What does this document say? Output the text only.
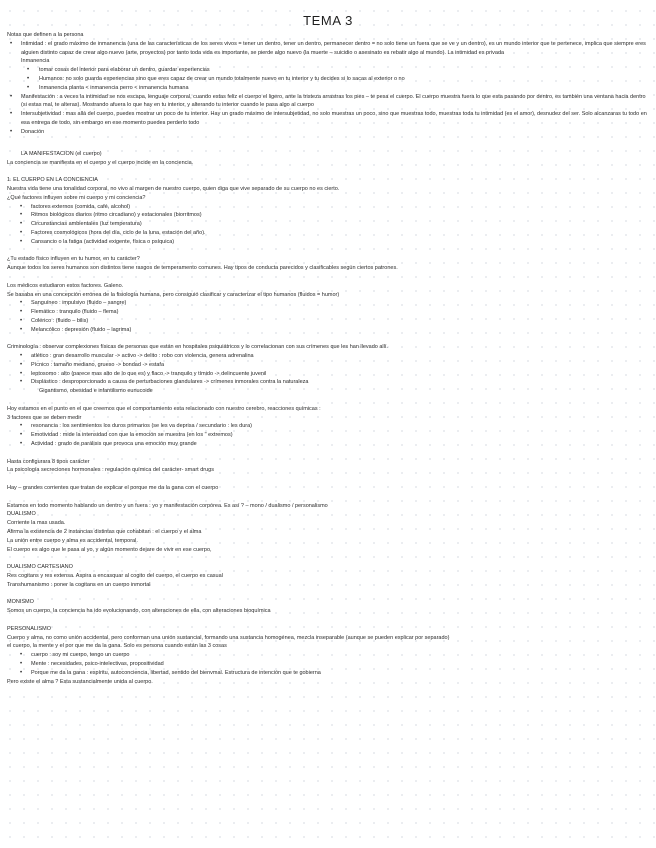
TEMA 3

Notas que definen a la persona

• Intimidad : el grado máximo de inmanencia (una de las características de los seres vivos = tener un dentro, tener un dentro, permanecer dentro = no solo tiene un fuera que se ve y un dentro), es un mundo interior que te pertenece, implica que siempre eres alguien distinto capaz de crear algo nuevo (arte, proyectos) por tanto toda vida es importante, se pierde algo nuevo (la muerte – suicidio o asesinato es rebatir algo al mundo). La intimidad es privada

Inmanencia

• tomar cosas del interior para elaborar un dentro, guardar experiencias
• Humanos: no solo guarda experiencias sino que eres capaz de crear un mundo totalmente nuevo en tu interior y tu decides si lo sacas al exterior o no
• Inmanencia planta < inmanencia perro < inmanencia humana
• Manifestación : a veces la intimidad se nos escapa, lenguaje corporal, cuando estas feliz el cuerpo el ligero, ante la tristeza arrastras los pies – te pesa el cuerpo. El cuerpo muestra fuera lo que esta pasando por dentro, es también una ventana hacia dentro (si estas mal, te alteras). Mostrando afuera lo que hay en tu interior, y alterando tu interior cuando le pasa algo al cuerpo
• Intersubjetividad : mas allá del cuerpo, puedes mostrar un poco de tu interior. Hay un grado máximo de intersubjetidad, no solo muestras un poco, sino que muestras todo, muestras toda tu intimidad (es el amor), desnudez del ser. Solo alcanzaras tu todo en esa entrega de todo, sin embargo en ese momento puedes perderlo todo
• Donación

LA MANIFESTACION (el cuerpo)

La conciencia se manifiesta en el cuerpo y el cuerpo incide en la conciencia.

1. EL CUERPO EN LA CONCIENCIA

Nuestra vida tiene una tonalidad corporal, no vivo al margen de nuestro cuerpo, quien diga que vive separado de su cuerpo no es cierto.

¿Qué factores influyen sobre mi cuerpo y mi conciencia?

• factores externos (comida, café, alcohol)
• Ritmos biológicos diarios (ritmo circadiano) y estacionales (biorritmos)
• Circunstancias ambientales (luz temperatura)
• Factores cosmológicos (hora del día, ciclo de la luna, estación del año).
• Cansancio o la fatiga (actividad exigente, física o psíquica)

¿Tu estado físico influyen en tu humor, en tu carácter?

Aunque todos los seres humanos son distintos tiene rasgos de temperamento comunes. Hay tipos de conducta parecidos y clasificables según ciertos patrones.

Los médicos estudiaron estos factores. Galeno.

Se basaba en una concepción errónea de la fisiología humana, pero consiguió clasificar y caracterizar el tipo humanos (fluidos = humor)

• Sanguíneo : impulsivo (fluido – sangre)
• Flemático : tranquilo (fluido – flema)
• Colérico : (fluido – bilis)
• Melancólico : depresión (fluido – lagrima)

Criminología : observar complexiones físicas de personas que están en hospitales psiquiátricos y lo correlacionan con sus crímenes que les han llevado allí.

• atlético : gran desarrollo muscular -> activo -> delito : robo con violencia, genera adrenalina
• Pícnico : tamaño mediano, grueso -> bondad -> estafa
• leptosomo : alto (parece mas alto de lo que es) y flaco -> tranquilo y tímido -> delincuente juvenil
• Displástico : desproporcionado a causa de perturbaciones glandulares -> crímenes inmorales contra la naturaleza

Gigantismo, obesidad e infantilismo eunucoide

Hoy estamos en el punto en el que creemos que el comportamiento esta relacionado con nuestro cerebro, reacciones químicas :

3 factores que se deben medir

• resonancia : los sentimientos los duros primarios (se les va deprisa / secundario : les dura)
• Emotividad : mide la intensidad con que la emoción se muestra (en los " extremos)
• Actividad : grado de parálisis que provoca una emoción muy grande

Hasta configurara 8 tipos carácter

La psicología secreciones hormonales : regulación química del carácter- smart drugs

Hay – grandes corrientes que tratan de explicar el porque me da la gana con el cuerpo

Estamos en todo momento hablando un dentro y un fuera : yo y manifestación corpórea. Es así ? – mono / dualismo / personalismo

DUALISMO

Corriente la mas usada.

Afirma la existencia de 2 instancias distintas que cohabitan : el cuerpo y el alma

La unión entre cuerpo y alma es accidental, temporal.

El cuerpo es algo que le pasa al yo, y algún momento dejare de vivir en ese cuerpo,

DUALISMO CARTESIANO

Res cogitans y res extensa. Aspira a encasquar al cogito del cuerpo, el cuerpo es casual

Transhumanismo : poner la cogitans en un cuerpo inmortal

MONISMO

Somos un cuerpo, la conciencia ha ido evolucionando, con alteraciones de ella, con alteraciones bioquímica

PERSONALISMO

Cuerpo y alma, no como unión accidental, pero conforman una unión sustancial, formando una sustancia homogénea, mezcla inseparable (aunque se pueden explicar por separado)

el cuerpo, la mente y el por que me da la gana. Solo es persona cuando están las 3 cosas

• cuerpo : soy mi cuerpo, tengo un cuerpo
• Mente : necesidades, psico-intelectivas, propositividad
• Porque me da la gana : espíritu, autoconciencia, libertad, sentido del bienvmal. Estructura de intención que te gobierna

Pero existe el alma ? Esta sustancialmente unida al cuerpo.
